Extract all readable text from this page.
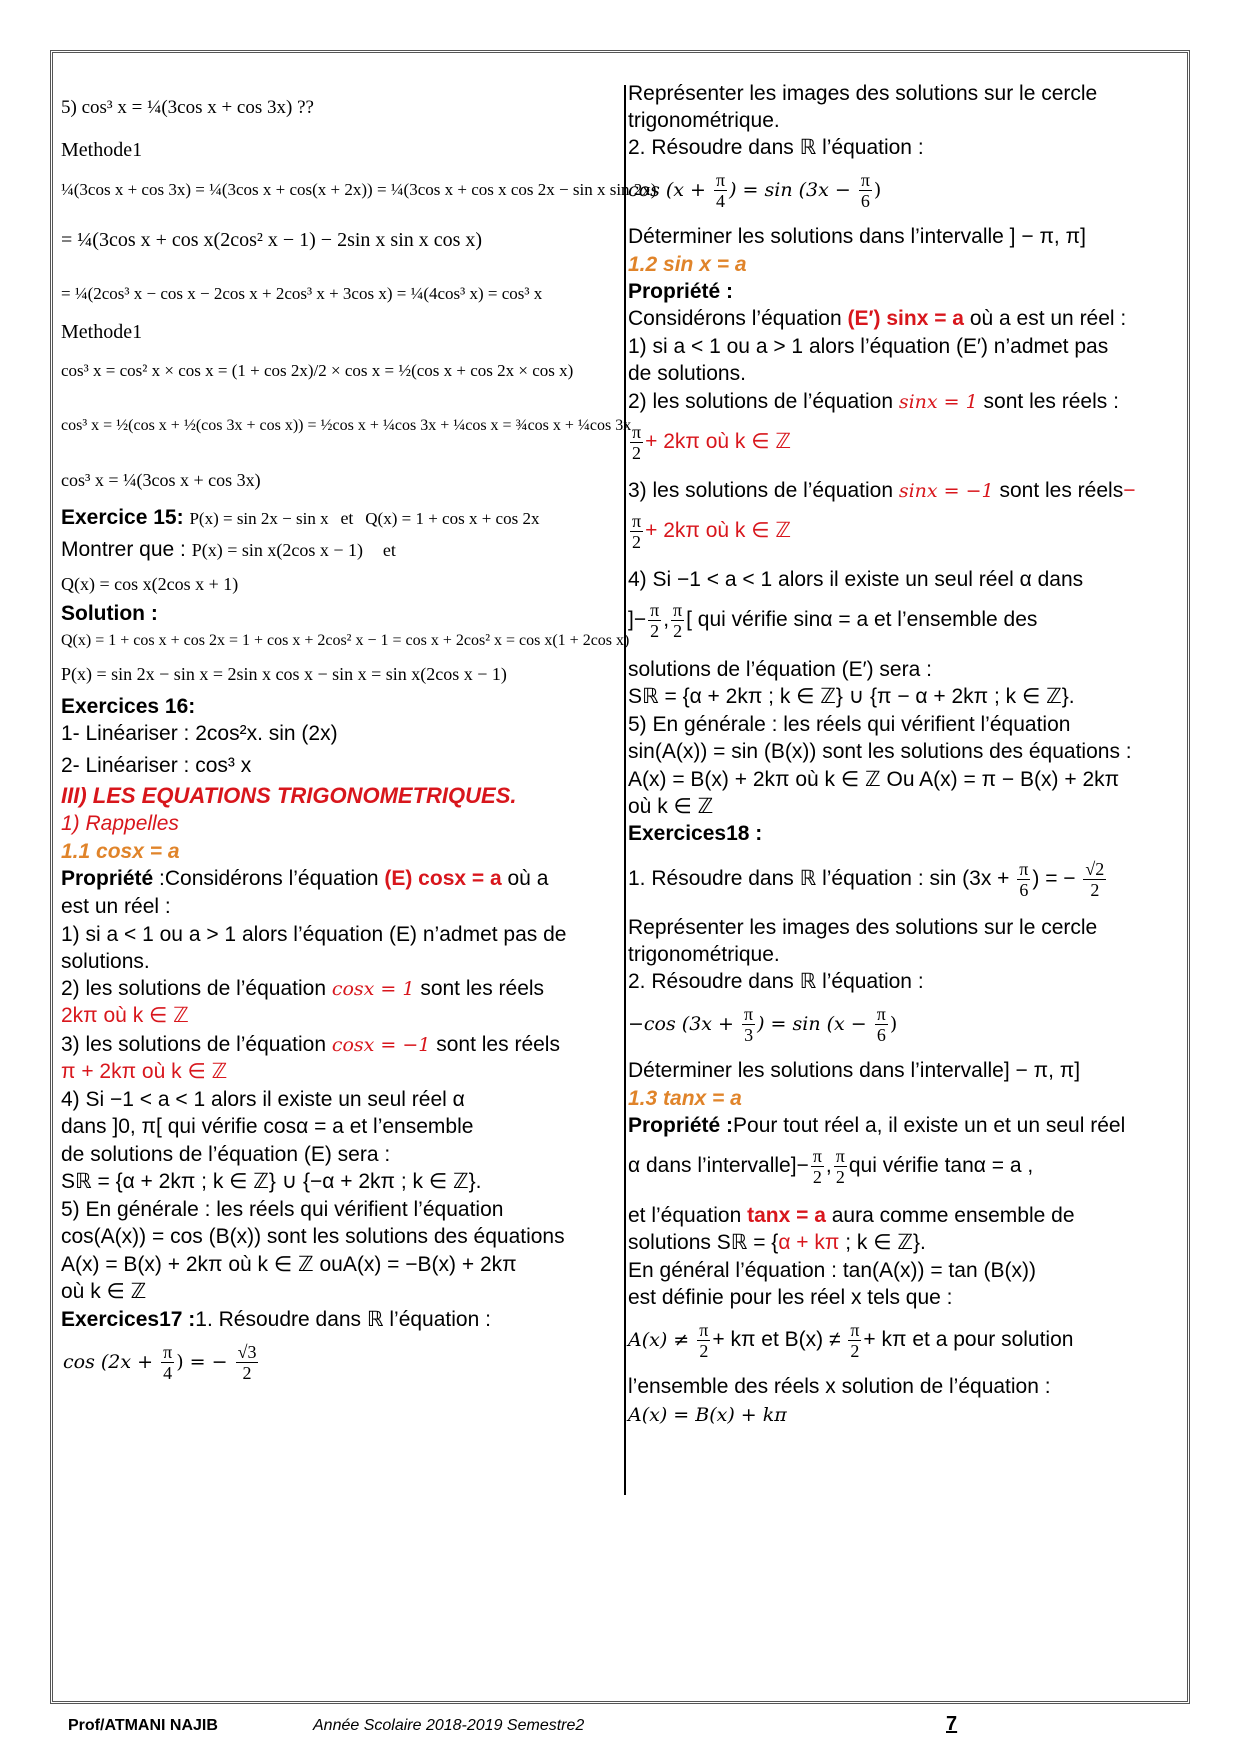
5) cos³ x = ¼(3cos x + cos 3x) ??
Methode1
¼(3cos x + cos 3x) = ¼(3cos x + cos(x + 2x)) = ¼(3cos x + cos x cos 2x − sin x sin 2x)
= ¼(3cos x + cos x(2cos² x − 1) − 2sin x sin x cos x)
= ¼(2cos³ x − cos x − 2cos x + 2cos³ x + 3cos x) = ¼(4cos³ x) = cos³ x
Methode1
cos³ x = cos² x × cos x = (1 + cos 2x)/2 × cos x = ½(cos x + cos 2x × cos x)
cos³ x = ½(cos x + ½(cos 3x + cos x)) = ½cos x + ¼cos 3x + ¼cos x = ¾cos x + ¼cos 3x
cos³ x = ¼(3cos x + cos 3x)
Exercice 15: P(x) = sin 2x − sin x et Q(x) = 1 + cos x + cos 2x
Montrer que : P(x) = sin x(2cos x − 1) et
Q(x) = cos x(2cos x + 1)
Solution :
Q(x) = 1 + cos x + cos 2x = 1 + cos x + 2cos² x − 1 = cos x + 2cos² x = cos x(1 + 2cos x)
P(x) = sin 2x − sin x = 2sin x cos x − sin x = sin x(2cos x − 1)
Exercices 16:
1- Linéariser : 2cos²x. sin (2x)
2- Linéariser : cos³ x
III) LES EQUATIONS TRIGONOMETRIQUES.
1) Rappelles
1.1 cosx = a
Propriété :Considérons l’équation (E) cosx = a où a
est un réel :
1) si a < 1 ou a > 1 alors l’équation (E) n’admet pas de
solutions.
2) les solutions de l’équation cosx = 1 sont les réels
2kπ où k ∈ ℤ
3) les solutions de l’équation cosx = −1 sont les réels
π + 2kπ où k ∈ ℤ
4) Si −1 < a < 1 alors il existe un seul réel α
dans ]0, π[ qui vérifie cosα = a et l’ensemble
de solutions de l’équation (E) sera :
Sℝ = {α + 2kπ ; k ∈ ℤ} ∪ {−α + 2kπ ; k ∈ ℤ}.
5) En générale : les réels qui vérifient l’équation
cos(A(x)) = cos (B(x)) sont les solutions des équations
A(x) = B(x) + 2kπ où k ∈ ℤ ouA(x) = −B(x) + 2kπ
où k ∈ ℤ
Exercices17 :1. Résoudre dans ℝ l’équation :
$\cos (2x + \frac{\pi}{4}$ ) = − $\frac{√3}{2}$
Représenter les images des solutions sur le cercle
trigonométrique.
2. Résoudre dans ℝ l’équation :
$\cos (x + \frac{\pi}{4}$ ) = $\sin (3x - \frac{\pi}{6}$ )
Déterminer les solutions dans l’intervalle ] − π, π]
1.2 sin x = a
Propriété :
Considérons l’équation (E′) sinx = a où a est un réel :
1) si a < 1 ou a > 1 alors l’équation (E′) n’admet pas
de solutions.
2) les solutions de l’équation sinx = 1 sont les réels :
$\frac{\pi}{2} + 2k\pi$ où k ∈ ℤ
3) les solutions de l’équation sinx = −1 sont les réels−
$\frac{\pi}{2} + 2k\pi$ où k ∈ ℤ
4) Si −1 < a < 1 alors il existe un seul réel α dans
]− $\frac{\pi}{2}$ , $\frac{\pi}{2}$ [ qui vérifie sinα = a et l’ensemble des
solutions de l’équation (E′) sera :
Sℝ = {α + 2kπ ; k ∈ ℤ} ∪ {π − α + 2kπ ; k ∈ ℤ}.
5) En générale : les réels qui vérifient l’équation
sin(A(x)) = sin (B(x)) sont les solutions des équations :
A(x) = B(x) + 2kπ où k ∈ ℤ Ou A(x) = π − B(x) + 2kπ
où k ∈ ℤ
Exercices18 :
1. Résoudre dans ℝ l’équation : $\sin (3x + \frac{\pi}{6}$ ) = − $\frac{√2}{2}$
Représenter les images des solutions sur le cercle
trigonométrique.
2. Résoudre dans ℝ l’équation :
−cos ($3x + \frac{\pi}{3}$ ) = $\sin (x - \frac{\pi}{6}$ )
Déterminer les solutions dans l’intervalle] − π, π]
1.3 tanx = a
Propriété :Pour tout réel a, il existe un et un seul réel
α dans l’intervalle]− $\frac{\pi}{2}$ , $\frac{\pi}{2}$ qui vérifie tanα = a ,
et l’équation tanx = a aura comme ensemble de
solutions Sℝ = {α + kπ ; k ∈ ℤ}.
En général l’équation : tan(A(x)) = tan (B(x))
est définie pour les réel x tels que :
$A(x) \ne \frac{\pi}{2} + k\pi$ et $B(x) \ne \frac{\pi}{2} + k\pi$ et a pour solution
l’ensemble des réels x solution de l’équation :
A(x) = B(x) + kπ
Prof/ATMANI NAJIB	Année Scolaire 2018-2019 Semestre2	7
